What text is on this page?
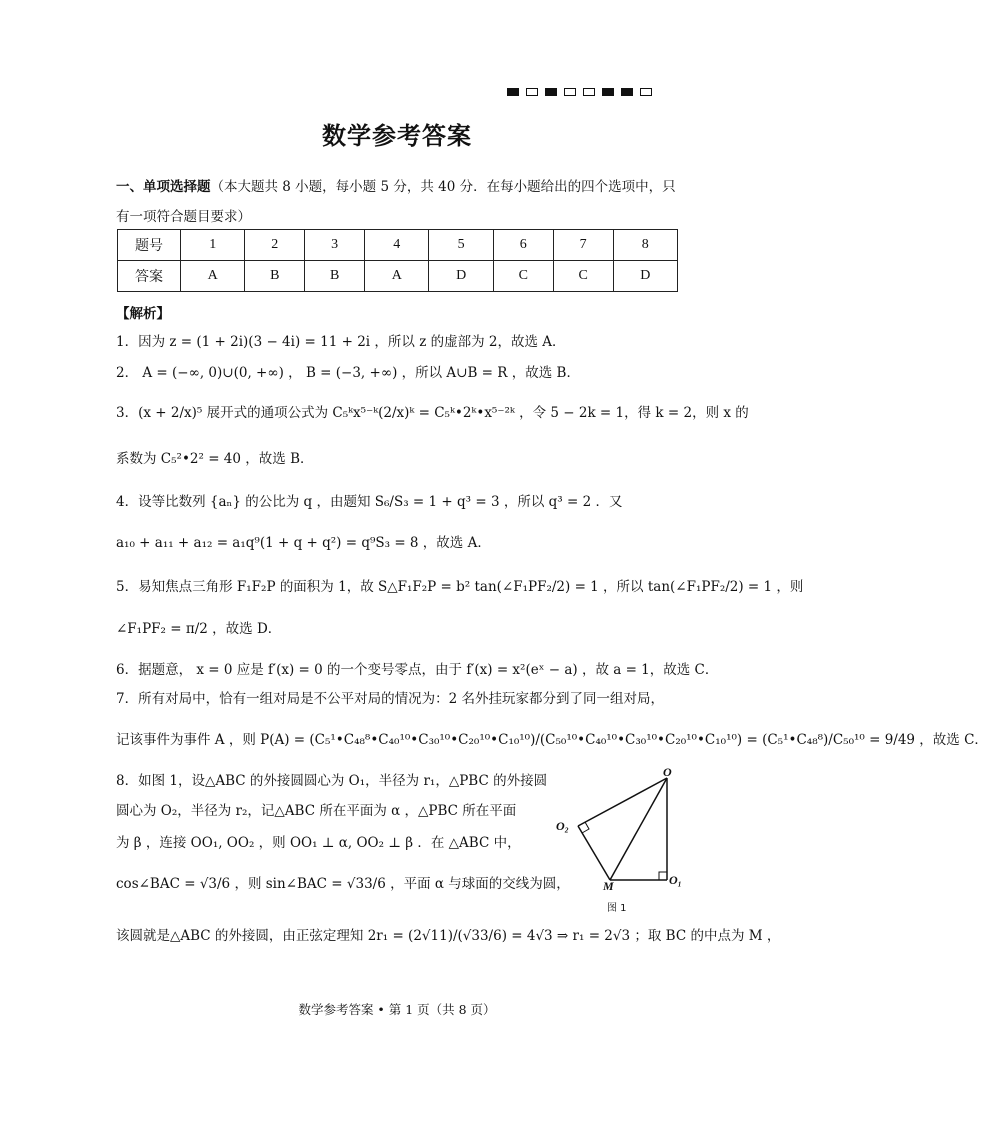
数学参考答案
一、单项选择题（本大题共 8 小题，每小题 5 分，共 40 分．在每小题给出的四个选项中，只有一项符合题目要求）
题号	1	2	3	4	5	6	7	8
答案	A	B	B	A	D	C	C	D
【解析】
1．因为 z = (1 + 2i)(3 − 4i) = 11 + 2i ，所以 z 的虚部为 2，故选 A．
2． A = (−∞, 0)∪(0, +∞) ， B = (−3, +∞) ，所以 A∪B = R ，故选 B．
3．(x + 2/x)⁵ 展开式的通项公式为 C₅ᵏx⁵⁻ᵏ(2/x)ᵏ = C₅ᵏ•2ᵏ•x⁵⁻²ᵏ ，令 5 − 2k = 1，得 k = 2，则 x 的
系数为 C₅²•2² = 40 ，故选 B．
4．设等比数列 {aₙ} 的公比为 q ，由题知 S₆/S₃ = 1 + q³ = 3 ，所以 q³ = 2 ．又
a₁₀ + a₁₁ + a₁₂ = a₁q⁹(1 + q + q²) = q⁹S₃ = 8 ，故选 A．
5．易知焦点三角形 F₁F₂P 的面积为 1，故 S△F₁F₂P = b² tan(∠F₁PF₂/2) = 1 ，所以 tan(∠F₁PF₂/2) = 1 ，则
∠F₁PF₂ = π/2 ，故选 D．
6．据题意， x = 0 应是 f′(x) = 0 的一个变号零点，由于 f′(x) = x²(eˣ − a) ，故 a = 1，故选 C．
7．所有对局中，恰有一组对局是不公平对局的情况为：2 名外挂玩家都分到了同一组对局，
记该事件为事件 A ，则 P(A) = (C₅¹•C₄₈⁸•C₄₀¹⁰•C₃₀¹⁰•C₂₀¹⁰•C₁₀¹⁰)/(C₅₀¹⁰•C₄₀¹⁰•C₃₀¹⁰•C₂₀¹⁰•C₁₀¹⁰) = (C₅¹•C₄₈⁸)/C₅₀¹⁰ = 9/49 ，故选 C．
8．如图 1，设△ABC 的外接圆圆心为 O₁，半径为 r₁，△PBC 的外接圆
圆心为 O₂，半径为 r₂，记△ABC 所在平面为 α ，△PBC 所在平面
为 β ，连接 OO₁, OO₂ ，则 OO₁ ⊥ α, OO₂ ⊥ β ．在 △ABC 中，
cos∠BAC = √3/6 ，则 sin∠BAC = √33/6 ，平面 α 与球面的交线为圆，
该圆就是△ABC 的外接圆，由正弦定理知 2r₁ = (2√11)/(√33/6) = 4√3 ⇒ r₁ = 2√3 ；取 BC 的中点为 M ，
O
O₂
M	O₁
图 1
数学参考答案 • 第 1 页（共 8 页）
